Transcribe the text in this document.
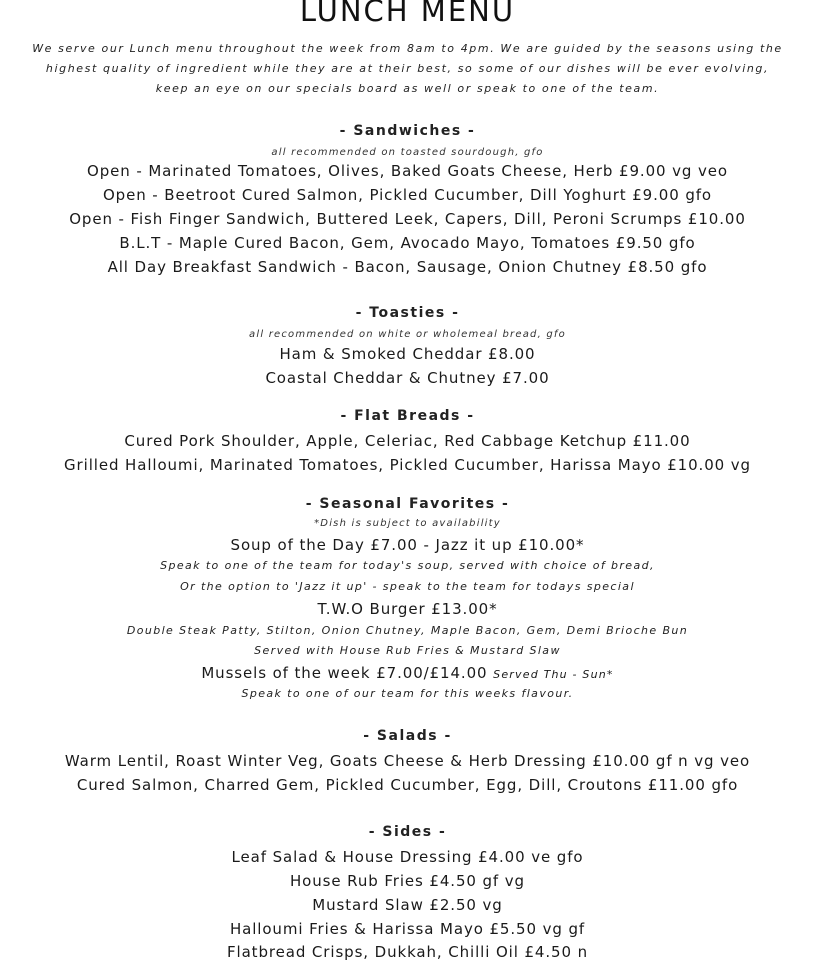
LUNCH MENU
We serve our Lunch menu throughout the week from 8am to 4pm. We are guided by the seasons using the highest quality of ingredient while they are at their best, so some of our dishes will be ever evolving, keep an eye on our specials board as well or speak to one of the team.
- Sandwiches -
all recommended on toasted sourdough, gfo
Open - Marinated Tomatoes, Olives, Baked Goats Cheese, Herb £9.00 vg veo
Open - Beetroot Cured Salmon, Pickled Cucumber, Dill Yoghurt £9.00 gfo
Open - Fish Finger Sandwich, Buttered Leek, Capers, Dill, Peroni Scrumps £10.00
B.L.T - Maple Cured Bacon, Gem, Avocado Mayo, Tomatoes £9.50 gfo
All Day Breakfast Sandwich - Bacon, Sausage, Onion Chutney £8.50 gfo
- Toasties -
all recommended on white or wholemeal bread, gfo
Ham & Smoked Cheddar £8.00
Coastal Cheddar & Chutney £7.00
- Flat Breads -
Cured Pork Shoulder, Apple, Celeriac, Red Cabbage Ketchup £11.00
Grilled Halloumi, Marinated Tomatoes, Pickled Cucumber, Harissa Mayo £10.00 vg
- Seasonal Favorites -
*Dish is subject to availability
Soup of the Day £7.00 - Jazz it up £10.00*
Speak to one of the team for today's soup, served with choice of bread,
Or the option to 'Jazz it up' - speak to the team for todays special
T.W.O Burger £13.00*
Double Steak Patty, Stilton, Onion Chutney, Maple Bacon, Gem, Demi Brioche Bun
Served with House Rub Fries & Mustard Slaw
Mussels of the week £7.00/£14.00 Served Thu - Sun*
Speak to one of our team for this weeks flavour.
- Salads -
Warm Lentil, Roast Winter Veg, Goats Cheese & Herb Dressing £10.00 gf n vg veo
Cured Salmon, Charred Gem, Pickled Cucumber, Egg, Dill, Croutons £11.00 gfo
- Sides -
Leaf Salad & House Dressing £4.00 ve gfo
House Rub Fries £4.50 gf vg
Mustard Slaw £2.50 vg
Halloumi Fries & Harissa Mayo £5.50 vg gf
Flatbread Crisps, Dukkah, Chilli Oil £4.50 n
